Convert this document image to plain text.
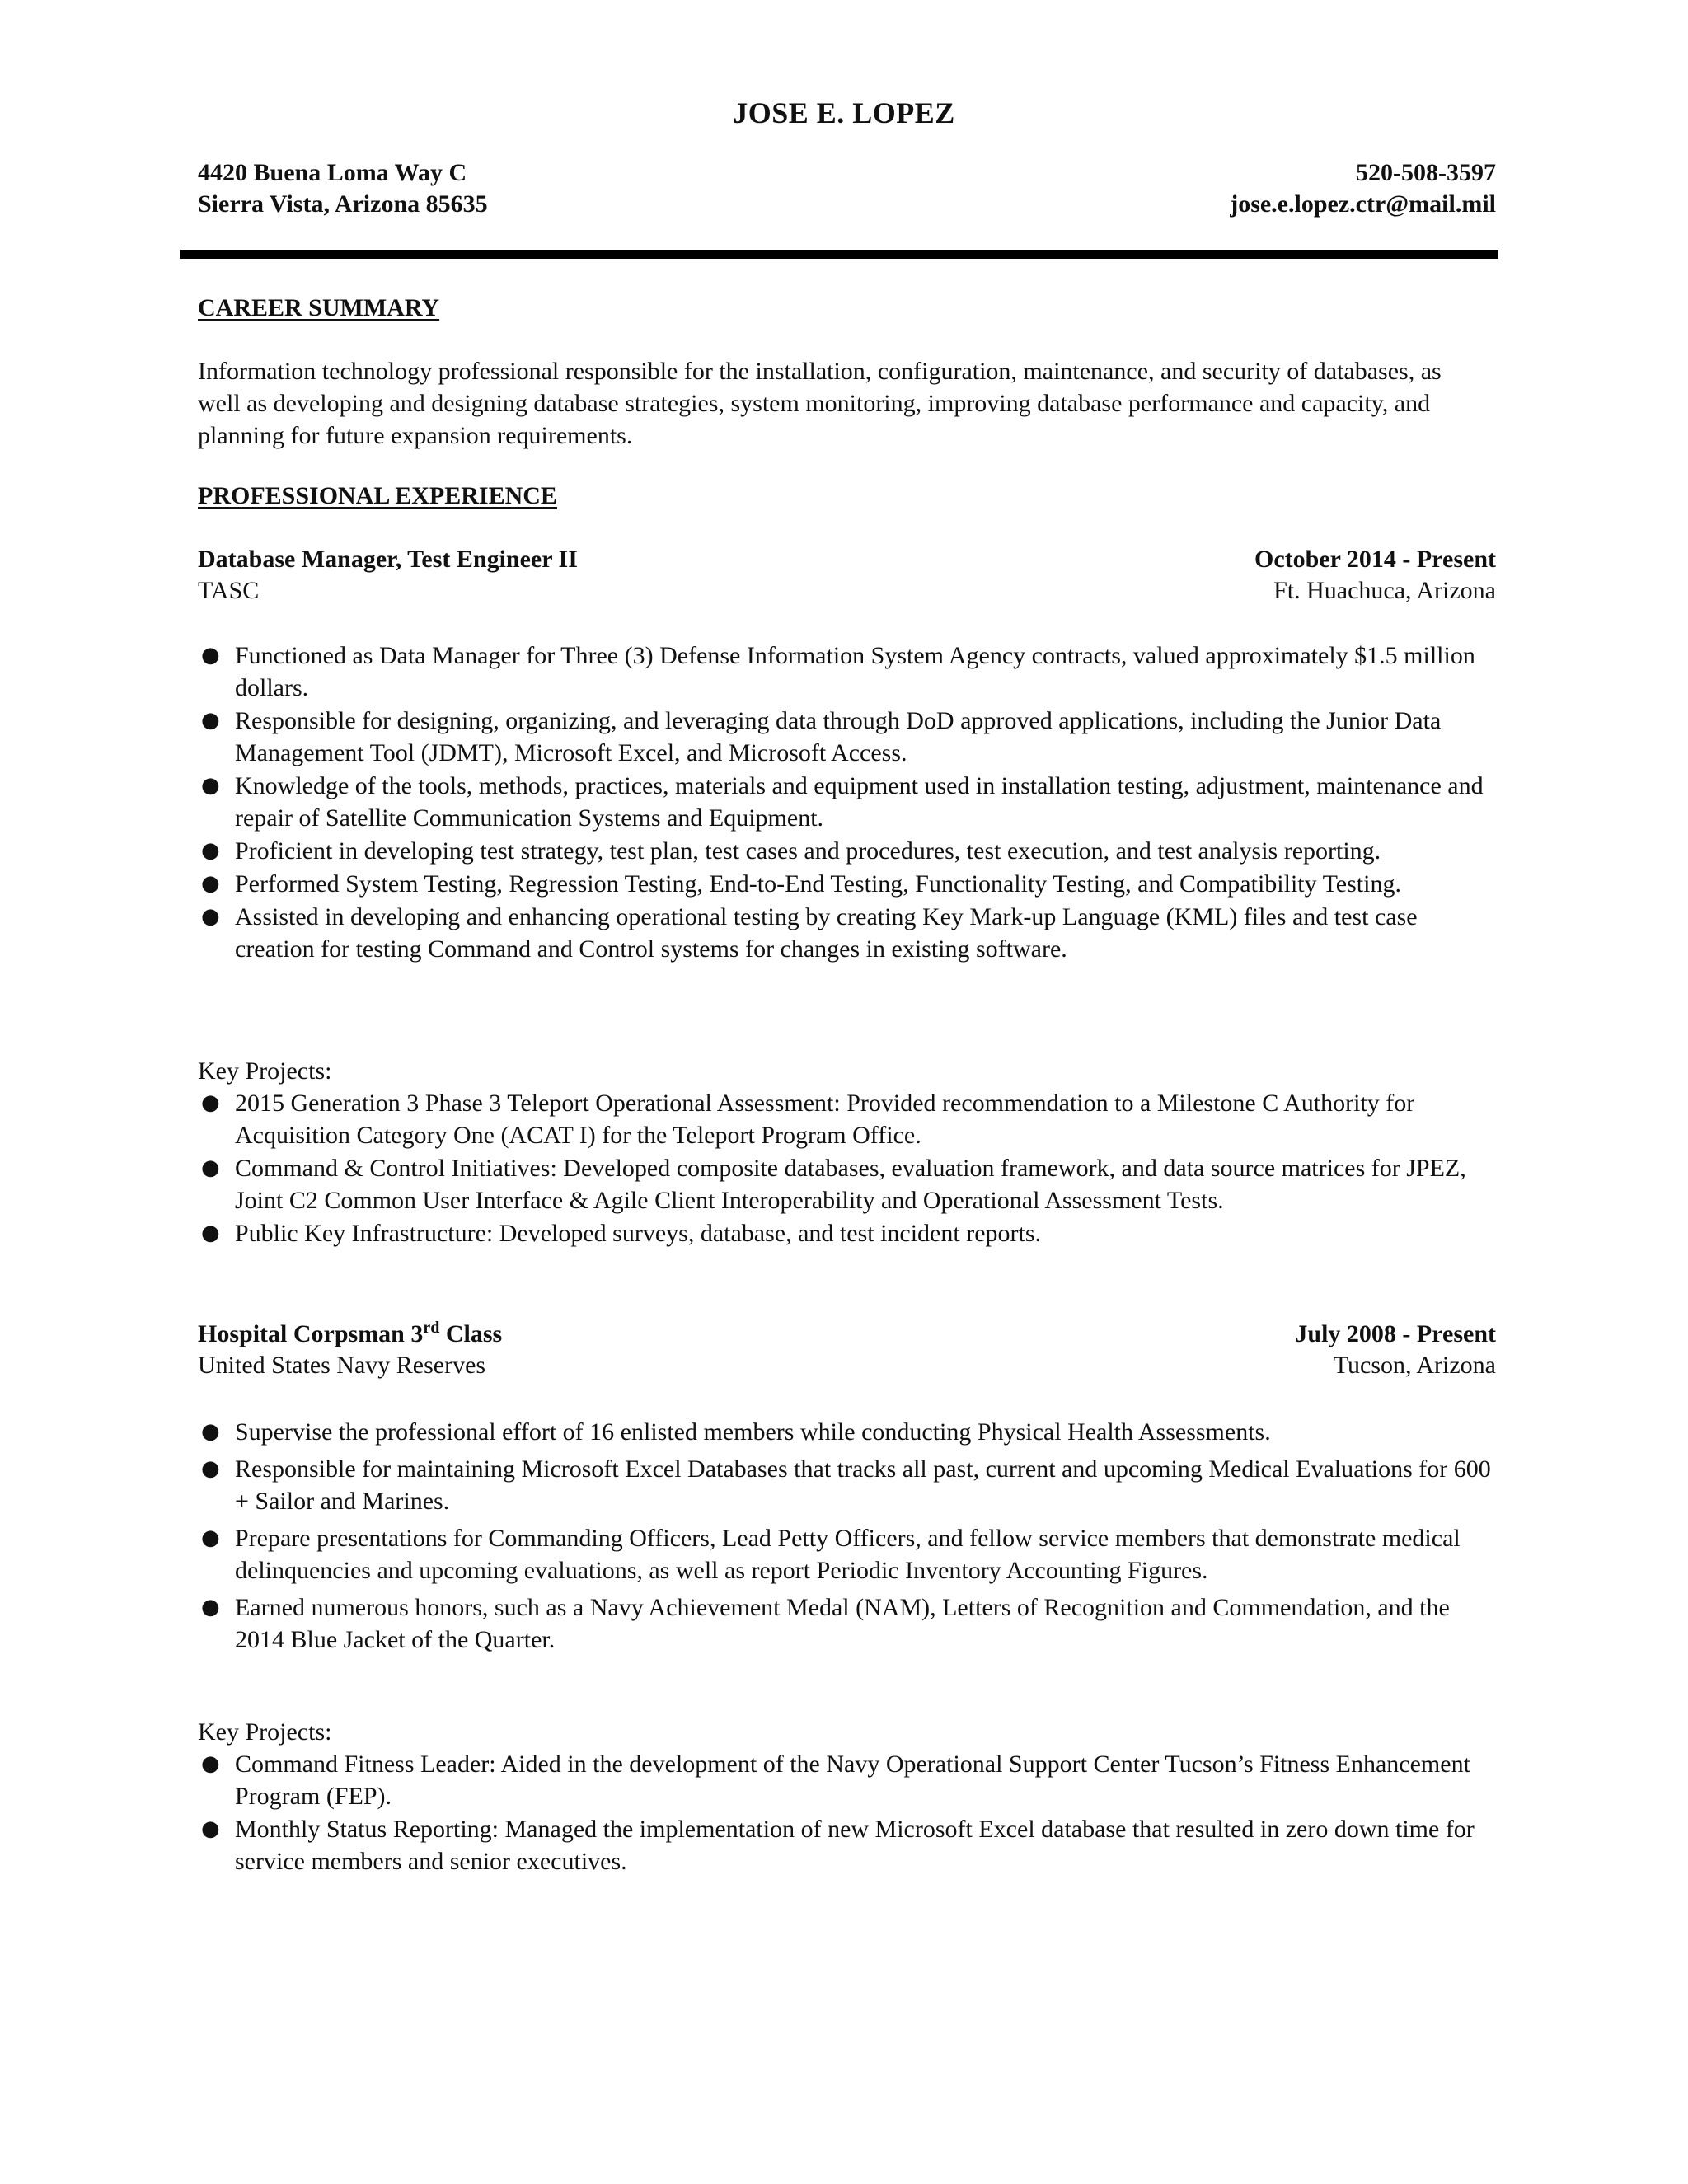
JOSE E. LOPEZ
4420 Buena Loma Way C	520-508-3597
Sierra Vista, Arizona 85635	jose.e.lopez.ctr@mail.mil
CAREER SUMMARY
Information technology professional responsible for the installation, configuration, maintenance, and security of databases, as well as developing and designing database strategies, system monitoring, improving database performance and capacity, and planning for future expansion requirements.
PROFESSIONAL EXPERIENCE
Database Manager, Test Engineer II	October 2014 - Present
TASC	Ft. Huachuca, Arizona
● Functioned as Data Manager for Three (3) Defense Information System Agency contracts, valued approximately $1.5 million dollars.
● Responsible for designing, organizing, and leveraging data through DoD approved applications, including the Junior Data Management Tool (JDMT), Microsoft Excel, and Microsoft Access.
● Knowledge of the tools, methods, practices, materials and equipment used in installation testing, adjustment, maintenance and repair of Satellite Communication Systems and Equipment.
● Proficient in developing test strategy, test plan, test cases and procedures, test execution, and test analysis reporting.
● Performed System Testing, Regression Testing, End-to-End Testing, Functionality Testing, and Compatibility Testing.
● Assisted in developing and enhancing operational testing by creating Key Mark-up Language (KML) files and test case creation for testing Command and Control systems for changes in existing software.
Key Projects:
● 2015 Generation 3 Phase 3 Teleport Operational Assessment: Provided recommendation to a Milestone C Authority for Acquisition Category One (ACAT I) for the Teleport Program Office.
● Command & Control Initiatives: Developed composite databases, evaluation framework, and data source matrices for JPEZ, Joint C2 Common User Interface & Agile Client Interoperability and Operational Assessment Tests.
● Public Key Infrastructure: Developed surveys, database, and test incident reports.
Hospital Corpsman 3rd Class	July 2008 - Present
United States Navy Reserves	Tucson, Arizona
● Supervise the professional effort of 16 enlisted members while conducting Physical Health Assessments.
● Responsible for maintaining Microsoft Excel Databases that tracks all past, current and upcoming Medical Evaluations for 600 + Sailor and Marines.
● Prepare presentations for Commanding Officers, Lead Petty Officers, and fellow service members that demonstrate medical delinquencies and upcoming evaluations, as well as report Periodic Inventory Accounting Figures.
● Earned numerous honors, such as a Navy Achievement Medal (NAM), Letters of Recognition and Commendation, and the 2014 Blue Jacket of the Quarter.
Key Projects:
● Command Fitness Leader: Aided in the development of the Navy Operational Support Center Tucson’s Fitness Enhancement Program (FEP).
● Monthly Status Reporting: Managed the implementation of new Microsoft Excel database that resulted in zero down time for service members and senior executives.
